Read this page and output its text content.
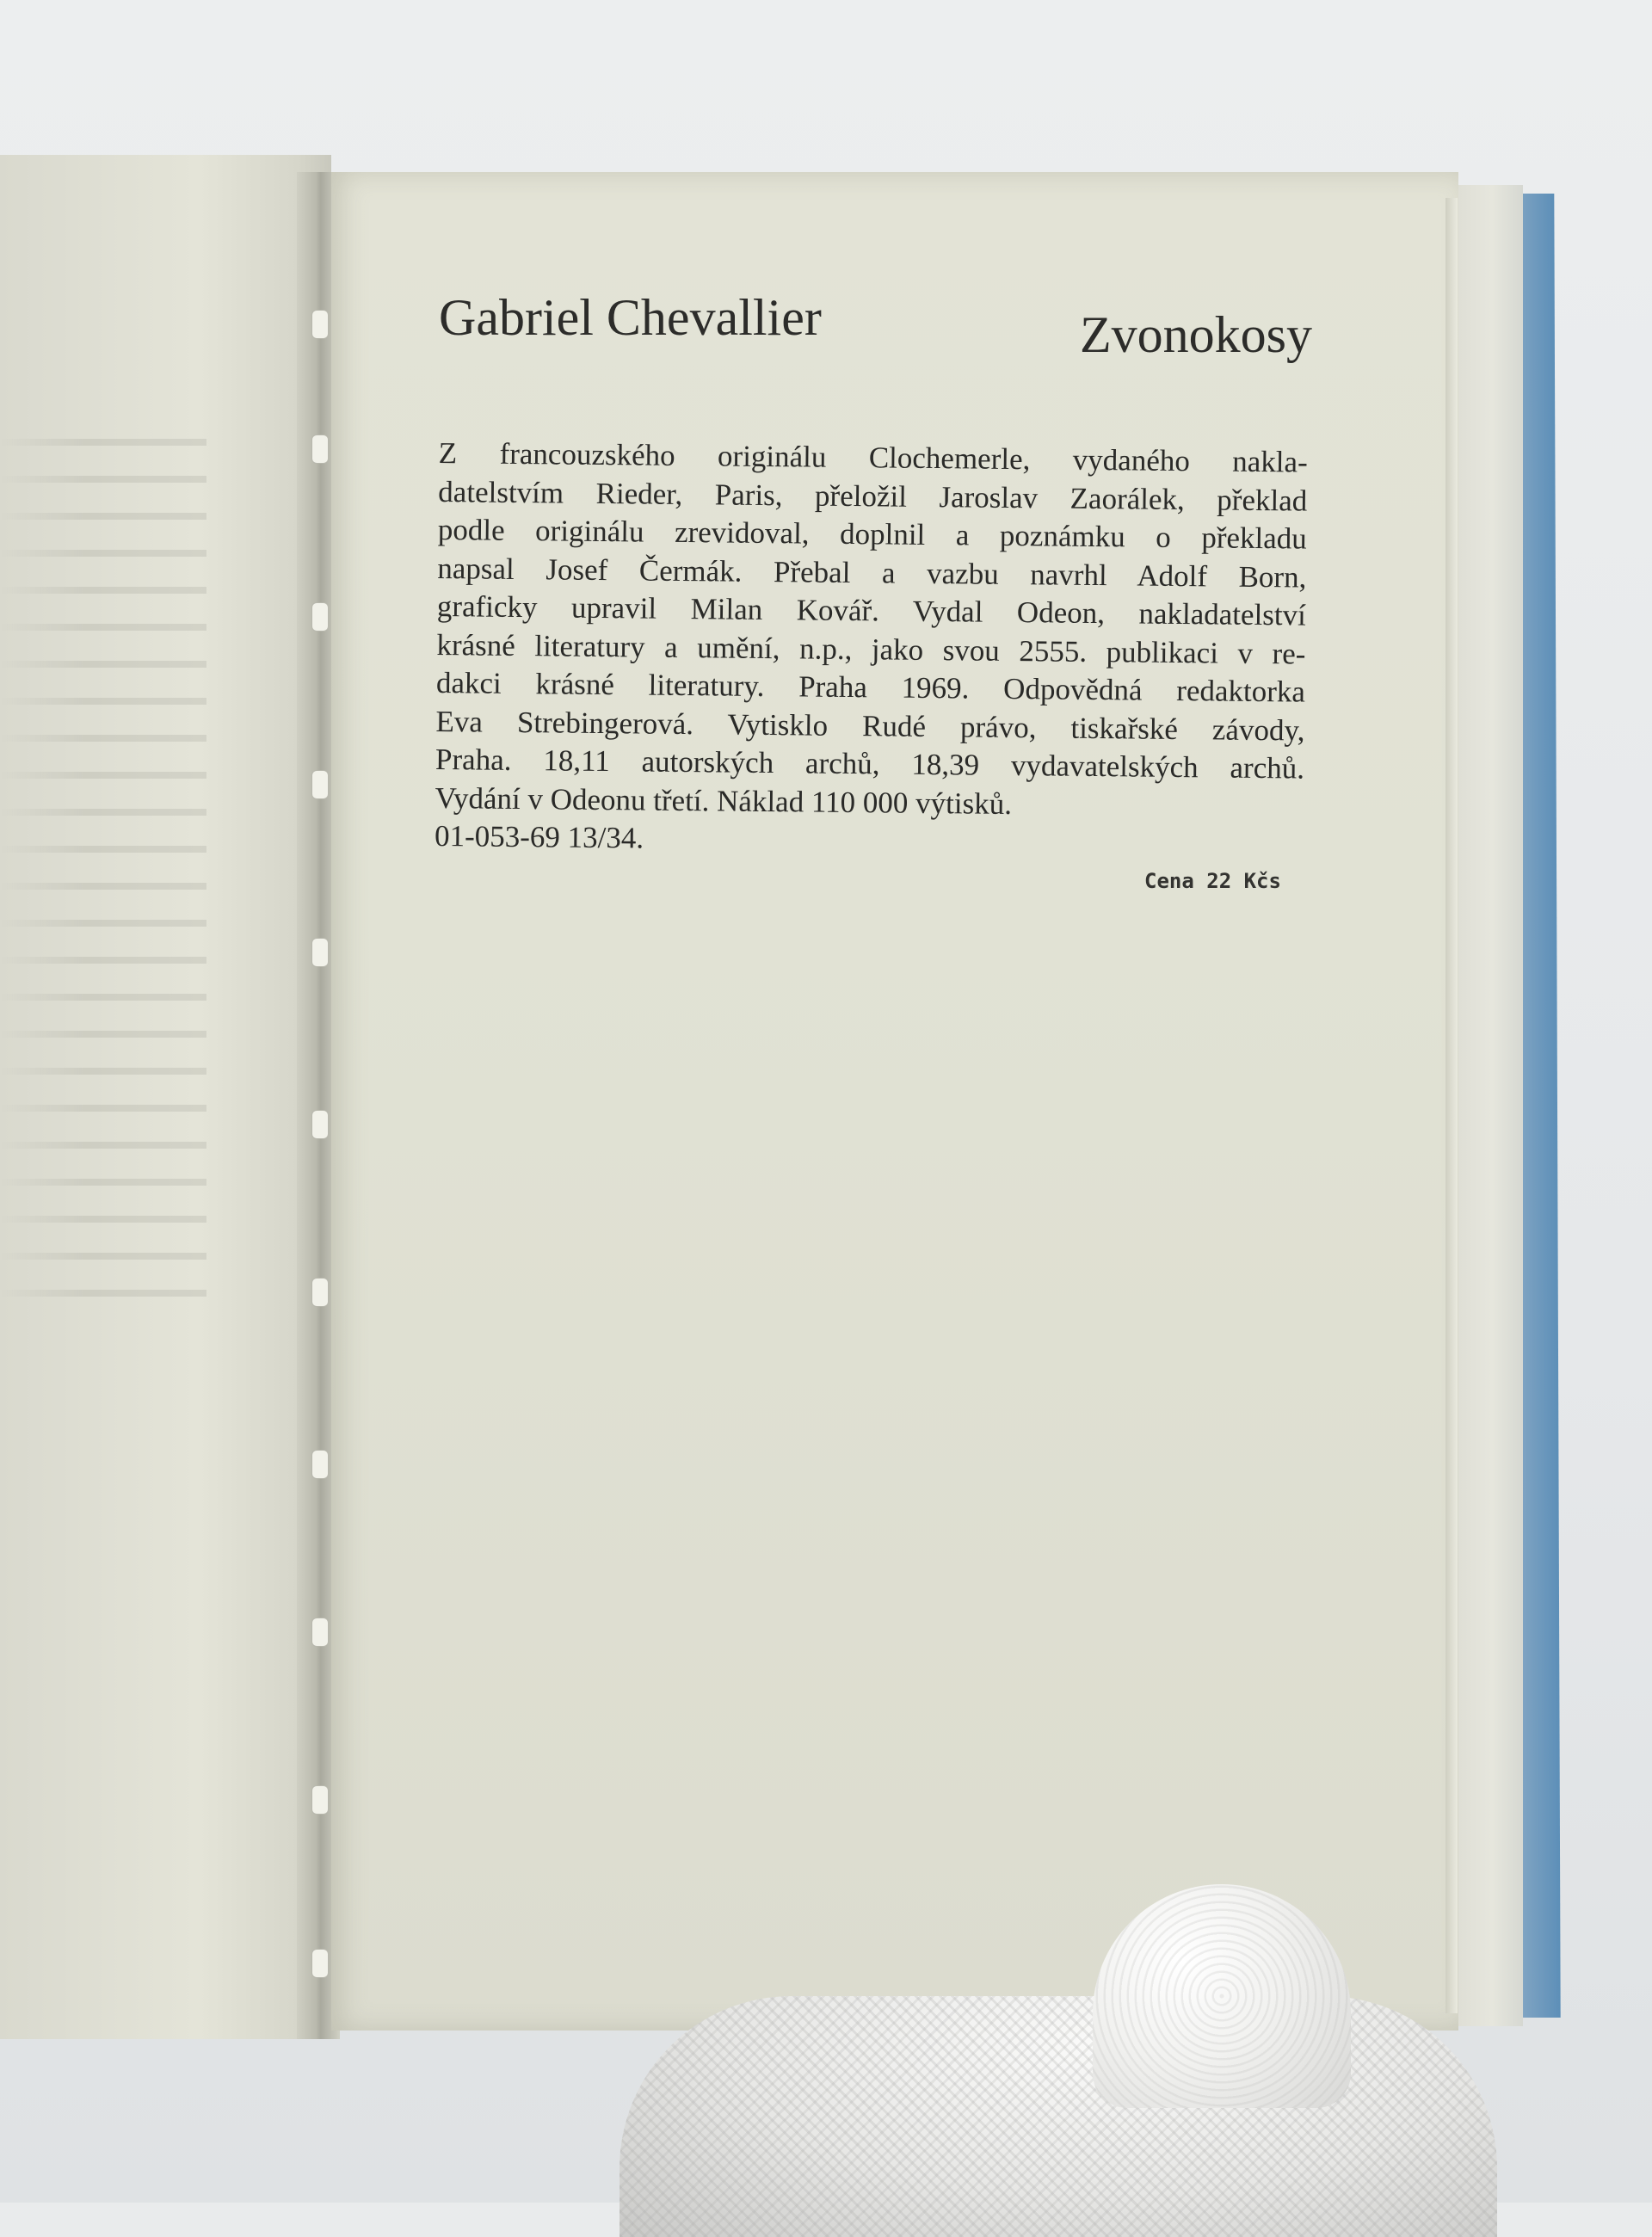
Gabriel Chevallier	Zvonokosy
Z francouzského originálu Clochemerle, vydaného nakla-
datelstvím Rieder, Paris, přeložil Jaroslav Zaorálek, překlad
podle originálu zrevidoval, doplnil a poznámku o překladu
napsal Josef Čermák. Přebal a vazbu navrhl Adolf Born,
graficky upravil Milan Kovář. Vydal Odeon, nakladatelství
krásné literatury a umění, n.p., jako svou 2555. publikaci v re-
dakci krásné literatury. Praha 1969. Odpovědná redaktorka
Eva Strebingerová. Vytisklo Rudé právo, tiskařské závody,
Praha. 18,11 autorských archů, 18,39 vydavatelských archů.
Vydání v Odeonu třetí. Náklad 110 000 výtisků.
01-053-69 13/34.
Cena 22 Kčs
